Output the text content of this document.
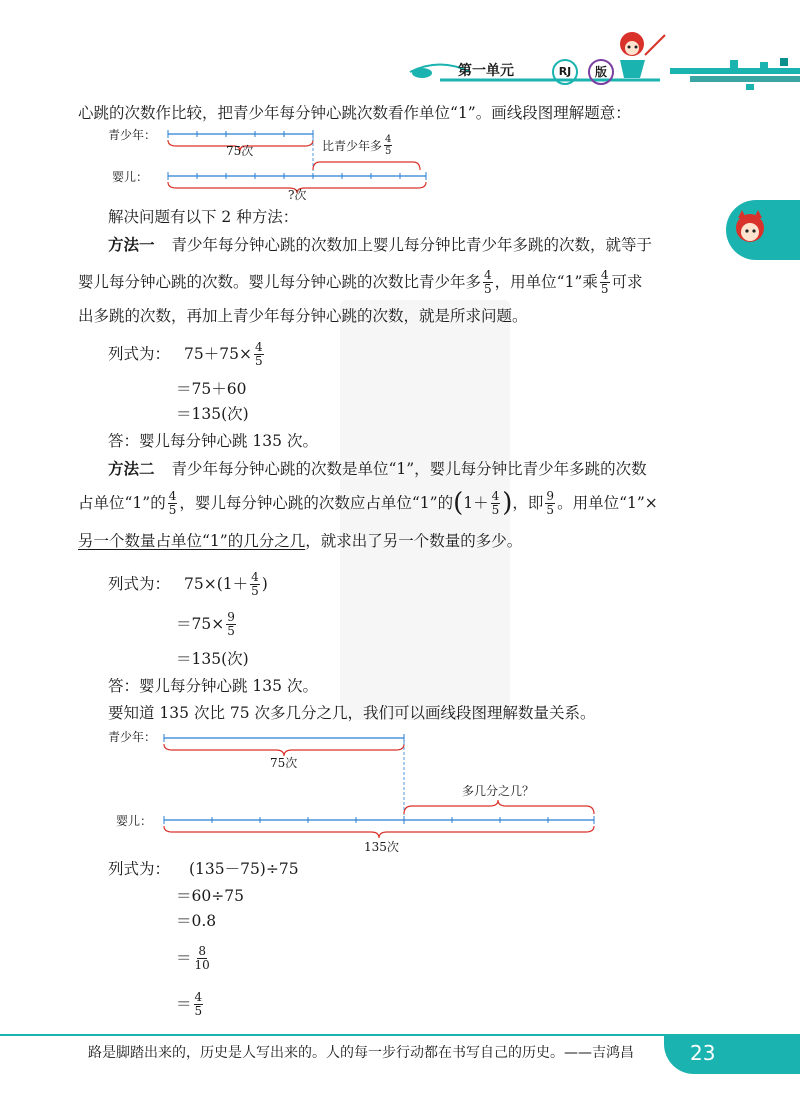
第一单元	RJ	版
心跳的次数作比较，把青少年每分钟心跳次数看作单位“1”。画线段图理解题意：
青少年：
婴儿：
75次	比青少年多 $\frac{4}{5}$
?次
解决问题有以下 2 种方法：
方法一 青少年每分钟心跳的次数加上婴儿每分钟比青少年多跳的次数，就等于
婴儿每分钟心跳的次数。婴儿每分钟心跳的次数比青少年多 $\frac{4}{5}$ ，用单位“1”乘 $\frac{4}{5}$ 可求
出多跳的次数，再加上青少年每分钟心跳的次数，就是所求问题。
列式为： $75+75\times \frac{4}{5}$
＝75＋60
＝135(次)
答：婴儿每分钟心跳 135 次。
方法二 青少年每分钟心跳的次数是单位“1”，婴儿每分钟比青少年多跳的次数
占单位“1”的 $\frac{4}{5}$ ，婴儿每分钟心跳的次数应占单位“1”的 ( $1+ \frac{4}{5}$ ) ，即 $\frac{9}{5}$ 。用单位“1”×
另一个数量占单位“1”的几分之几，就求出了另一个数量的多少。
列式为： $75\times(1+ \frac{4}{5}$ )
$=75\times \frac{9}{5}$
＝135(次)
答：婴儿每分钟心跳 135 次。
要知道 135 次比 75 次多几分之几，我们可以画线段图理解数量关系。
青少年：
婴儿：
75次
多几分之几？
135次
列式为： (135－75)÷75
＝60÷75
＝0.8
＝ $\frac{8}{10}$
＝ $\frac{4}{5}$
路是脚踏出来的，历史是人写出来的。人的每一步行动都在书写自己的历史。——吉鸿昌	23
